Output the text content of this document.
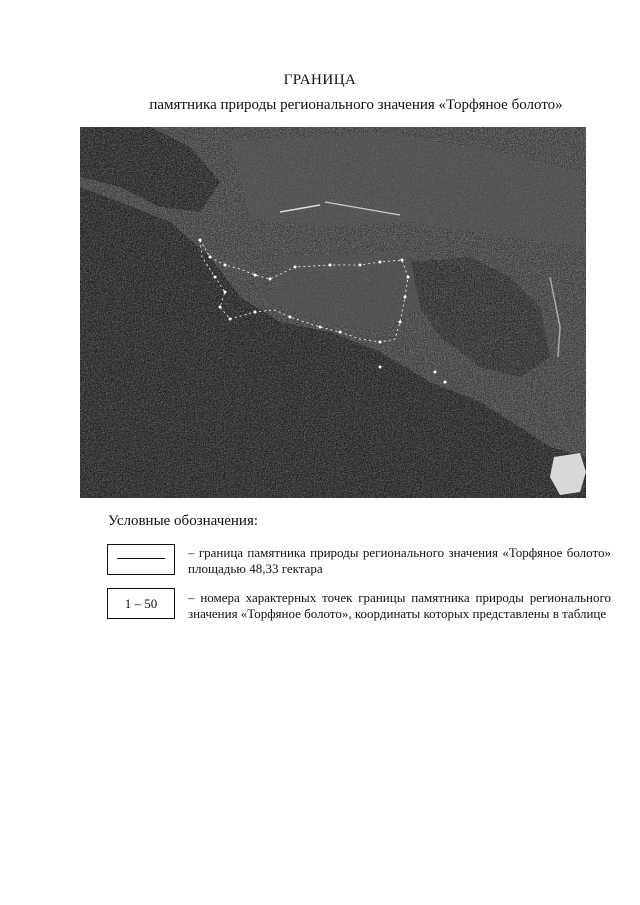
ГРАНИЦА
памятника природы регионального значения «Торфяное болото»
Условные обозначения:
– граница памятника природы регионального значения «Торфяное болото» площадью 48,33 гектара
1 – 50	– номера характерных точек границы памятника природы регионального значения «Торфяное болото», координаты которых представлены в таблице
